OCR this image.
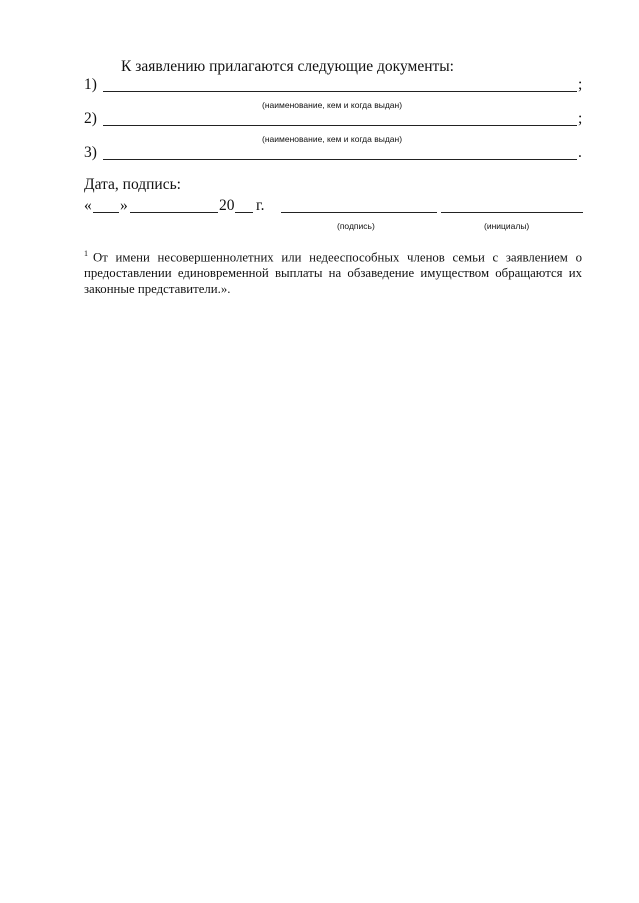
К заявлению прилагаются следующие документы:
1)	;
(наименование, кем и когда выдан)
2)	;
(наименование, кем и когда выдан)
3)	.
Дата, подпись:
« »	20 г.
(подпись)	(инициалы)
$^1$ От имени несовершеннолетних или недееспособных членов семьи с заявлением о предоставлении единовременной выплаты на обзаведение имуществом обращаются их законные представители.».
